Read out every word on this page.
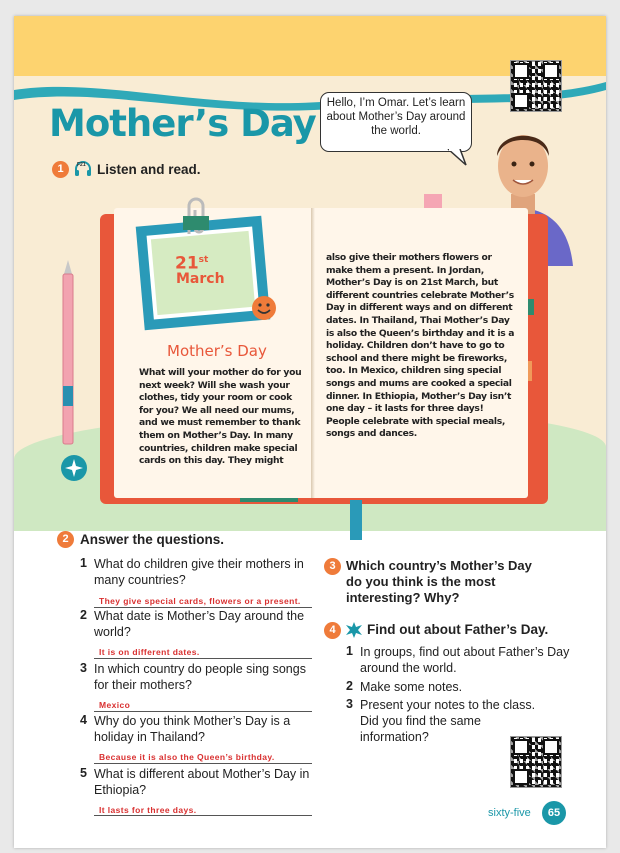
Mother’s Day
1	F21 Listen and read.
Hello, I’m Omar. Let’s learn about Mother’s Day around the world.
21st
March
Mother’s Day
What will your mother do for you next week? Will she wash your clothes, tidy your room or cook for you? We all need our mums, and we must remember to thank them on Mother’s Day. In many countries, children make special cards on this day. They might
also give their mothers flowers or make them a present. In Jordan, Mother’s Day is on 21st March, but different countries celebrate Mother’s Day in different ways and on different dates. In Thailand, Thai Mother’s Day is also the Queen’s birthday and it is a holiday. Children don’t have to go to school and there might be fireworks, too. In Mexico, children sing special songs and mums are cooked a special dinner. In Ethiopia, Mother’s Day isn’t one day – it lasts for three days! People celebrate with special meals, songs and dances.
2 Answer the questions.
1 What do children give their mothers in many countries?
They give special cards, flowers or a present.
2 What date is Mother’s Day around the world?
It is on different dates.
3 In which country do people sing songs for their mothers?
Mexico
4 Why do you think Mother’s Day is a holiday in Thailand?
Because it is also the Queen’s birthday.
5 What is different about Mother’s Day in Ethiopia?
It lasts for three days.
3 Which country’s Mother’s Day do you think is the most interesting? Why?
4	Find out about Father’s Day.
1 In groups, find out about Father’s Day around the world.
2 Make some notes.
3 Present your notes to the class. Did you find the same information?
sixty-five	65
